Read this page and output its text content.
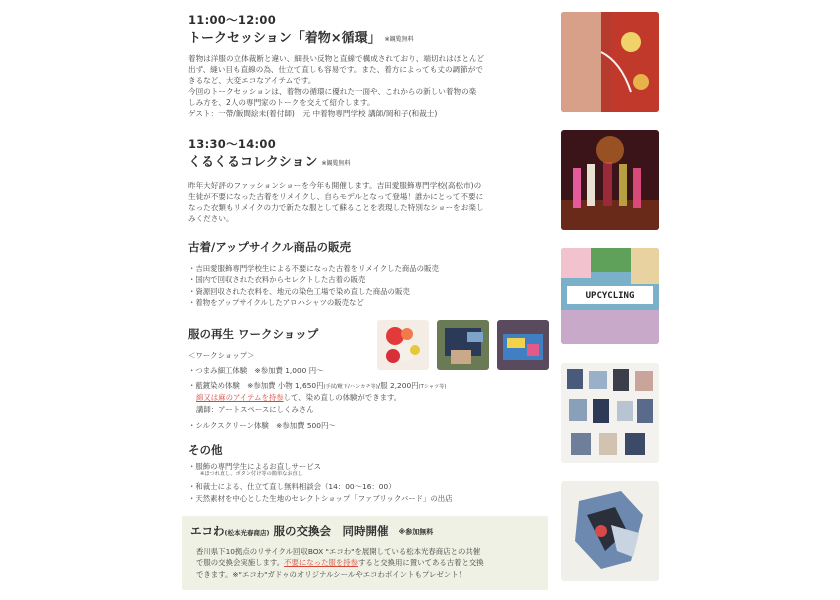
11:00〜12:00
トークセッション「着物×循環」 ※観覧無料
着物は洋服の立体裁断と違い、細長い反物と直線で構成されており、端切れはほとんど
出ず、縫い目も直線の為、仕立て直しも容易です。また、着方によっても丈の調節がで
きるなど、大変エコなアイテムです。
今回のトークセッションは、着物の循環に優れた一面や、これからの新しい着物の楽
しみ方を、2人の専門家のトークを交えて紹介します。
ゲスト：一帶/飯間絵未(着付師)　元 中着物専門学校 講師/岡和子(和裁士)
13:30〜14:00
くるくるコレクション ※観覧無料
昨年大好評のファッションショーを今年も開催します。吉田愛服飾専門学校(高松市)の
生徒が不要になった古着をリメイクし、自らモデルとなって登場！誰かにとって不要に
なった衣類もリメイクの力で新たな服として蘇ることを表現した特別なショーをお楽し
みください。
古着/アップサイクル商品の販売
・吉田愛服飾専門学校生による不要になった古着をリメイクした商品の販売
・国内で回収された衣料からセレクトした古着の販売
・資源回収された衣料を、地元の染色工場で染め直した商品の販売
・着物をアップサイクルしたアロハシャツの販売など
服の再生 ワークショップ
＜ワークショップ＞
・つまみ細工体験　※参加費 1,000 円〜
・藍鍍染め体験　※参加費 小物 1,650円(手拭/靴下/ハンカチ等)/服 2,200円(Tシャツ等)
綿又は麻のアイテムを持参して、染め直しの体験ができます。
講師：アートスペースにしくみさん
・シルクスクリーン体験　※参加費 500円〜
その他
・服飾の専門学生によるお直しサービス
※ほつれ直し、ボタン付け等の簡単なお直し
・和裁士による、仕立て直し無料相談会（14：00〜16：00）
・天然素材を中心とした生地のセレクトショップ「ファブリックバード」の出店
エコわ(松本光春商店) 服の交換会　同時開催 ※参加無料
香川県下10拠点のリサイクル回収BOX "エコわ"を展開している松本光春商店との共催
で服の交換会実施します。不要になった服を持参すると交換用に置いてある古着と交換
できます。※"エコわ"ガドゥのオリジナルシールやエコわポイントもプレゼント！
UPCYCLING
